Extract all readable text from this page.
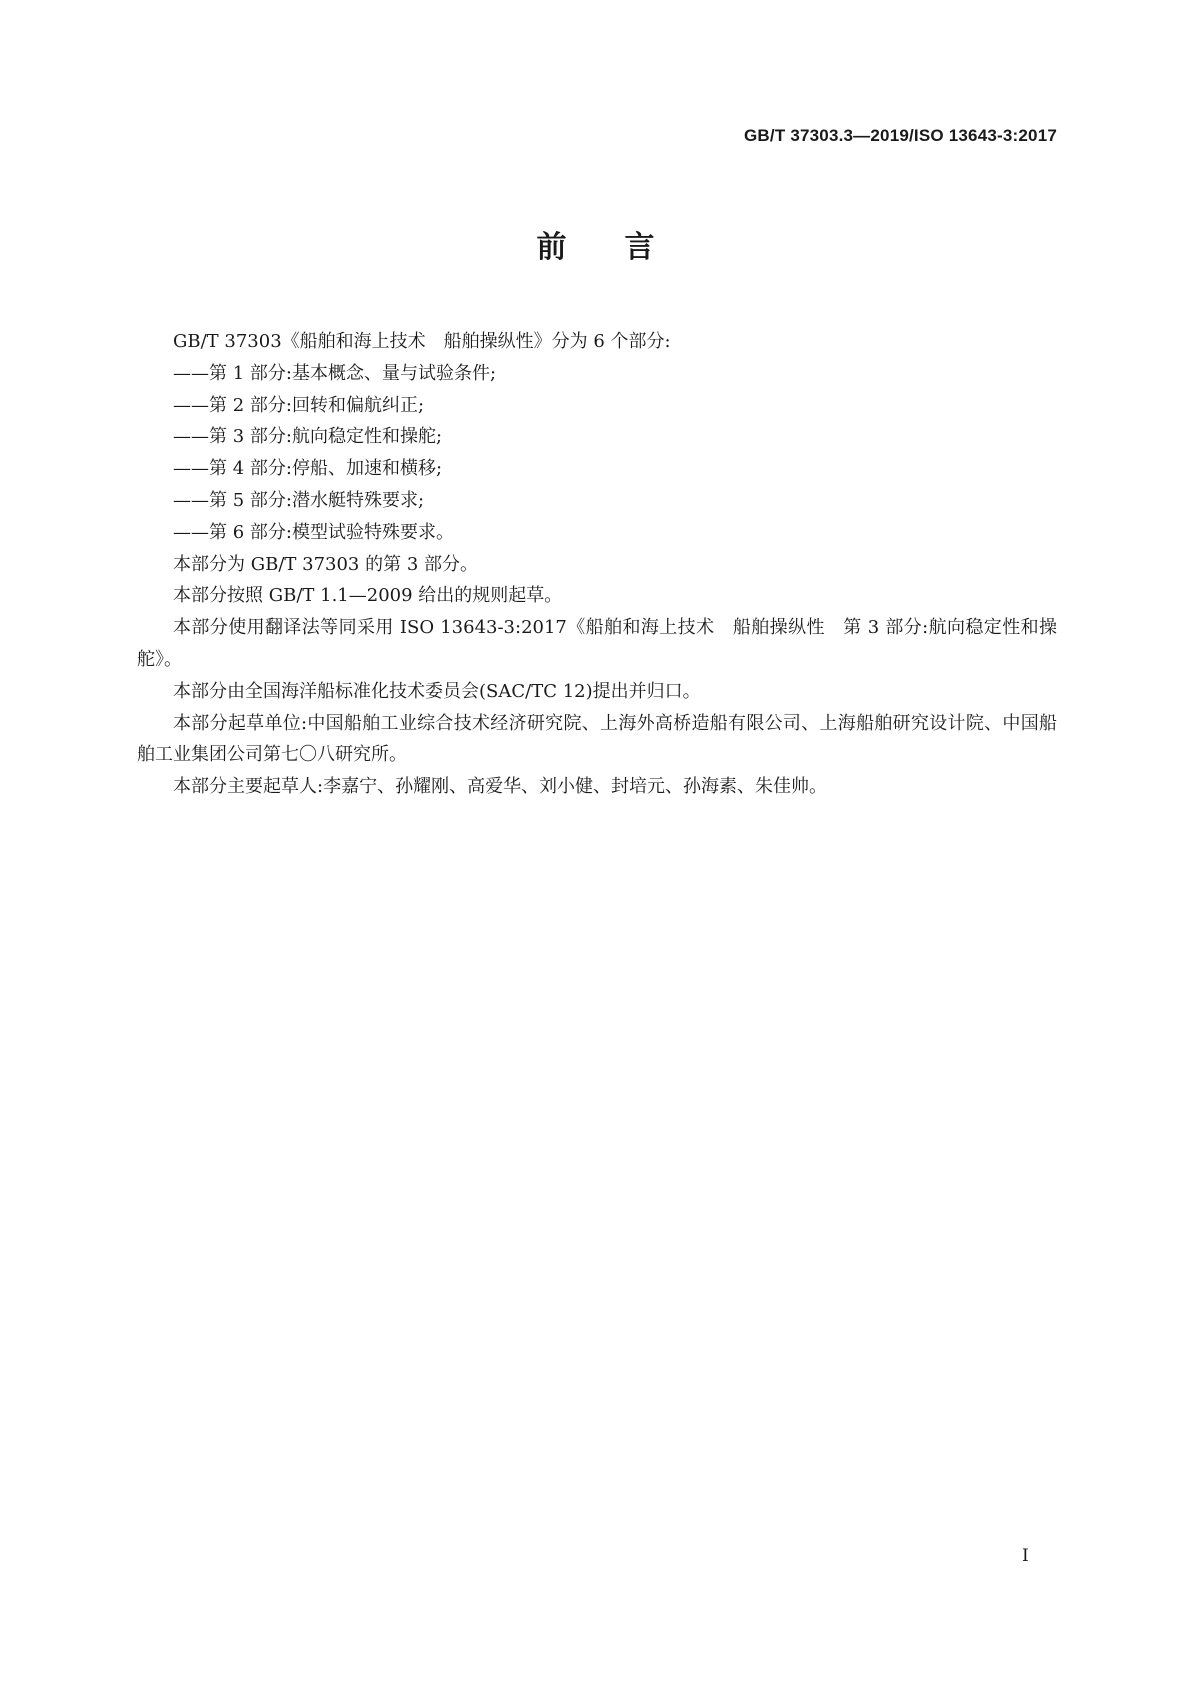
GB/T 37303.3—2019/ISO 13643-3:2017
前言

GB/T 37303《船舶和海上技术　船舶操纵性》分为 6 个部分:

——第 1 部分:基本概念、量与试验条件;

——第 2 部分:回转和偏航纠正;

——第 3 部分:航向稳定性和操舵;

——第 4 部分:停船、加速和横移;

——第 5 部分:潜水艇特殊要求;

——第 6 部分:模型试验特殊要求。

本部分为 GB/T 37303 的第 3 部分。

本部分按照 GB/T 1.1—2009 给出的规则起草。

本部分使用翻译法等同采用 ISO 13643-3:2017《船舶和海上技术　船舶操纵性　第 3 部分:航向稳定性和操舵》。

本部分由全国海洋船标准化技术委员会(SAC/TC 12)提出并归口。

本部分起草单位:中国船舶工业综合技术经济研究院、上海外高桥造船有限公司、上海船舶研究设计院、中国船舶工业集团公司第七〇八研究所。

本部分主要起草人:李嘉宁、孙耀刚、高爱华、刘小健、封培元、孙海素、朱佳帅。

I
